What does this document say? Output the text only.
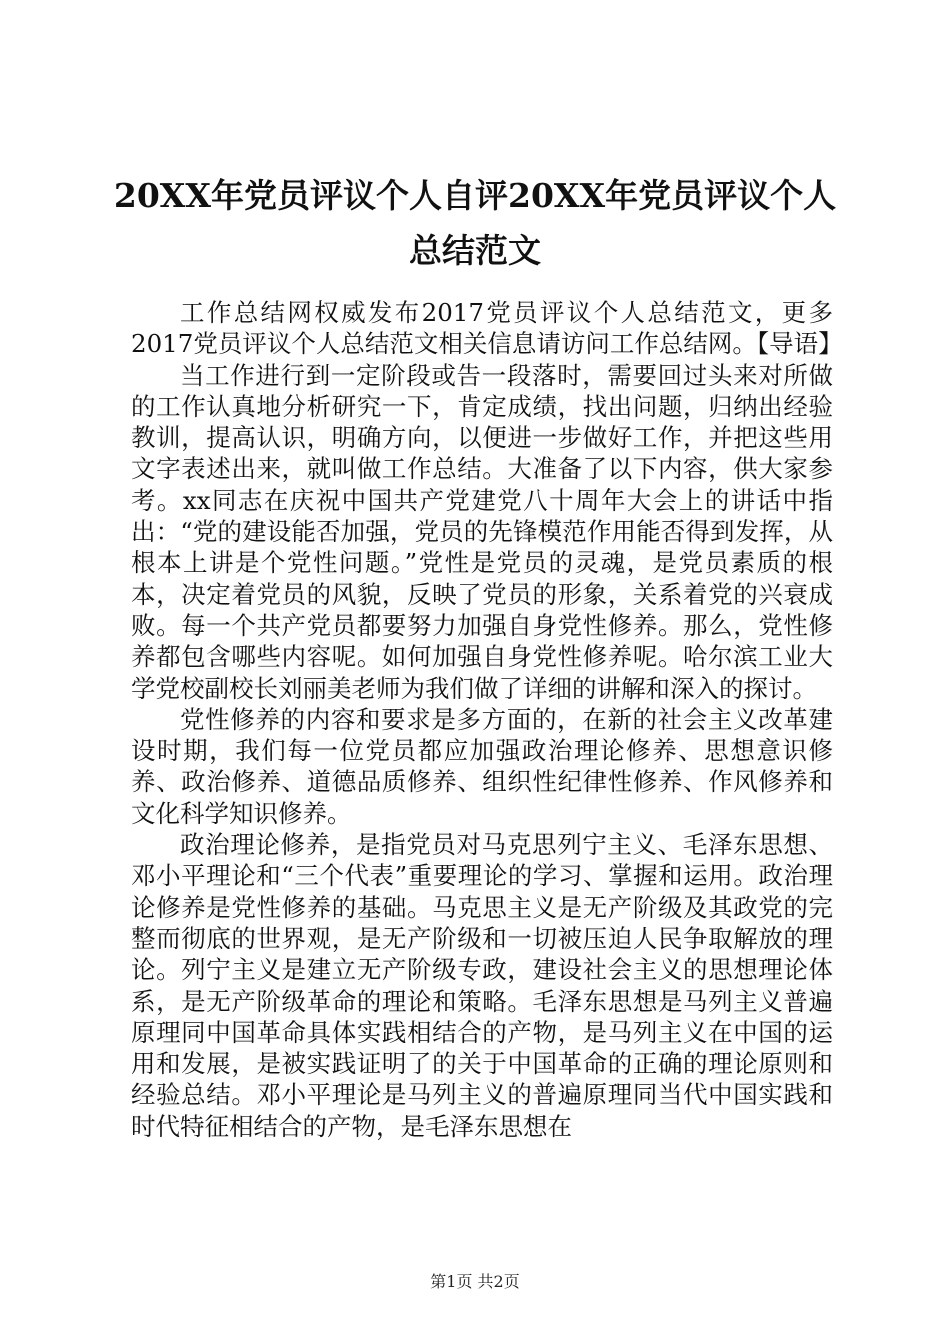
20XX年党员评议个人自评20XX年党员评议个人总结范文

工作总结网权威发布2017党员评议个人总结范文，更多2017党员评议个人总结范文相关信息请访问工作总结网。【导语】

当工作进行到一定阶段或告一段落时，需要回过头来对所做的工作认真地分析研究一下，肯定成绩，找出问题，归纳出经验教训，提高认识，明确方向，以便进一步做好工作，并把这些用文字表述出来，就叫做工作总结。大准备了以下内容，供大家参考。xx同志在庆祝中国共产党建党八十周年大会上的讲话中指出：“党的建设能否加强，党员的先锋模范作用能否得到发挥，从根本上讲是个党性问题。”党性是党员的灵魂，是党员素质的根本，决定着党员的风貌，反映了党员的形象，关系着党的兴衰成败。每一个共产党员都要努力加强自身党性修养。那么，党性修养都包含哪些内容呢。如何加强自身党性修养呢。哈尔滨工业大学党校副校长刘丽美老师为我们做了详细的讲解和深入的探讨。

党性修养的内容和要求是多方面的，在新的社会主义改革建设时期，我们每一位党员都应加强政治理论修养、思想意识修养、政治修养、道德品质修养、组织性纪律性修养、作风修养和文化科学知识修养。

政治理论修养，是指党员对马克思列宁主义、毛泽东思想、邓小平理论和“三个代表”重要理论的学习、掌握和运用。政治理论修养是党性修养的基础。马克思主义是无产阶级及其政党的完整而彻底的世界观，是无产阶级和一切被压迫人民争取解放的理论。列宁主义是建立无产阶级专政，建设社会主义的思想理论体系，是无产阶级革命的理论和策略。毛泽东思想是马列主义普遍原理同中国革命具体实践相结合的产物，是马列主义在中国的运用和发展，是被实践证明了的关于中国革命的正确的理论原则和经验总结。邓小平理论是马列主义的普遍原理同当代中国实践和时代特征相结合的产物，是毛泽东思想在

第1页 共2页
